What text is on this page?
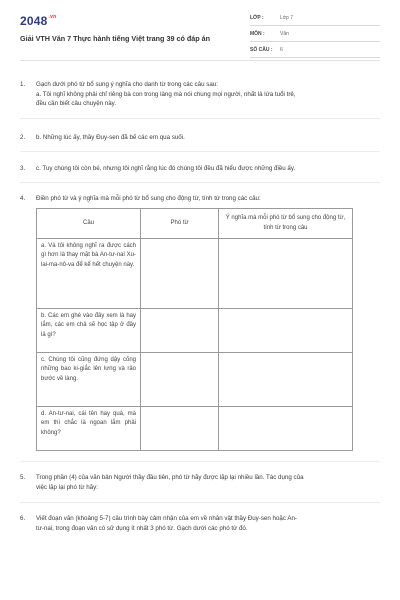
$2048^{.vn}$
Giải VTH Văn 7 Thực hành tiếng Việt trang 39 có đáp án
LỚP :	Lớp 7
MÔN :	Văn
SỐ CÂU :	6
1.	Gạch dưới phó từ bổ sung ý nghĩa cho danh từ trong các câu sau:
a. Tôi nghĩ không phải chỉ riêng bà con trong làng mà nói chung mọi người, nhất là lứa tuổi trẻ,
đều cần biết câu chuyện này.
2.	b. Những lúc ấy, thầy Đuy-sen đã bế các em qua suối.
3.	c. Tuy chúng tôi còn bé, nhưng tôi nghĩ rằng lúc đó chúng tôi đều đã hiểu được những điều ấy.
4.	Điền phó từ và ý nghĩa mà mỗi phó từ bổ sung cho động từ, tính từ trong các câu:
Câu	Phó từ	Ý nghĩa mà mỗi phó từ bổ sung cho động từ, tính từ trong câu
a. Và tôi không nghĩ ra được cách gì hơn là thay mặt bà An-tư-nai Xu-lai-ma-nô-va để kể hết chuyện này.		
b. Các em ghé vào đây xem là hay lắm, các em chả sẽ học tập ở đây là gì?		
c. Chúng tôi cũng đứng dậy cõng những bao ki-giắc lên lưng và rảo bước về làng.		
d. An-tư-nai, cái tên hay quá, mà em thì chắc là ngoan lắm phải không?		
5.	Trong phần (4) của văn bản Người thầy đầu tiên, phó từ hãy được lặp lại nhiều lần. Tác dụng của
việc lặp lại phó từ hãy:
6.	Viết đoạn văn (khoảng 5-7) câu trình bày cảm nhận của em về nhân vật thầy Đuy-sen hoặc An-
tư-nai, trong đoạn văn có sử dụng ít nhất 3 phó từ. Gạch dưới các phó từ đó.
